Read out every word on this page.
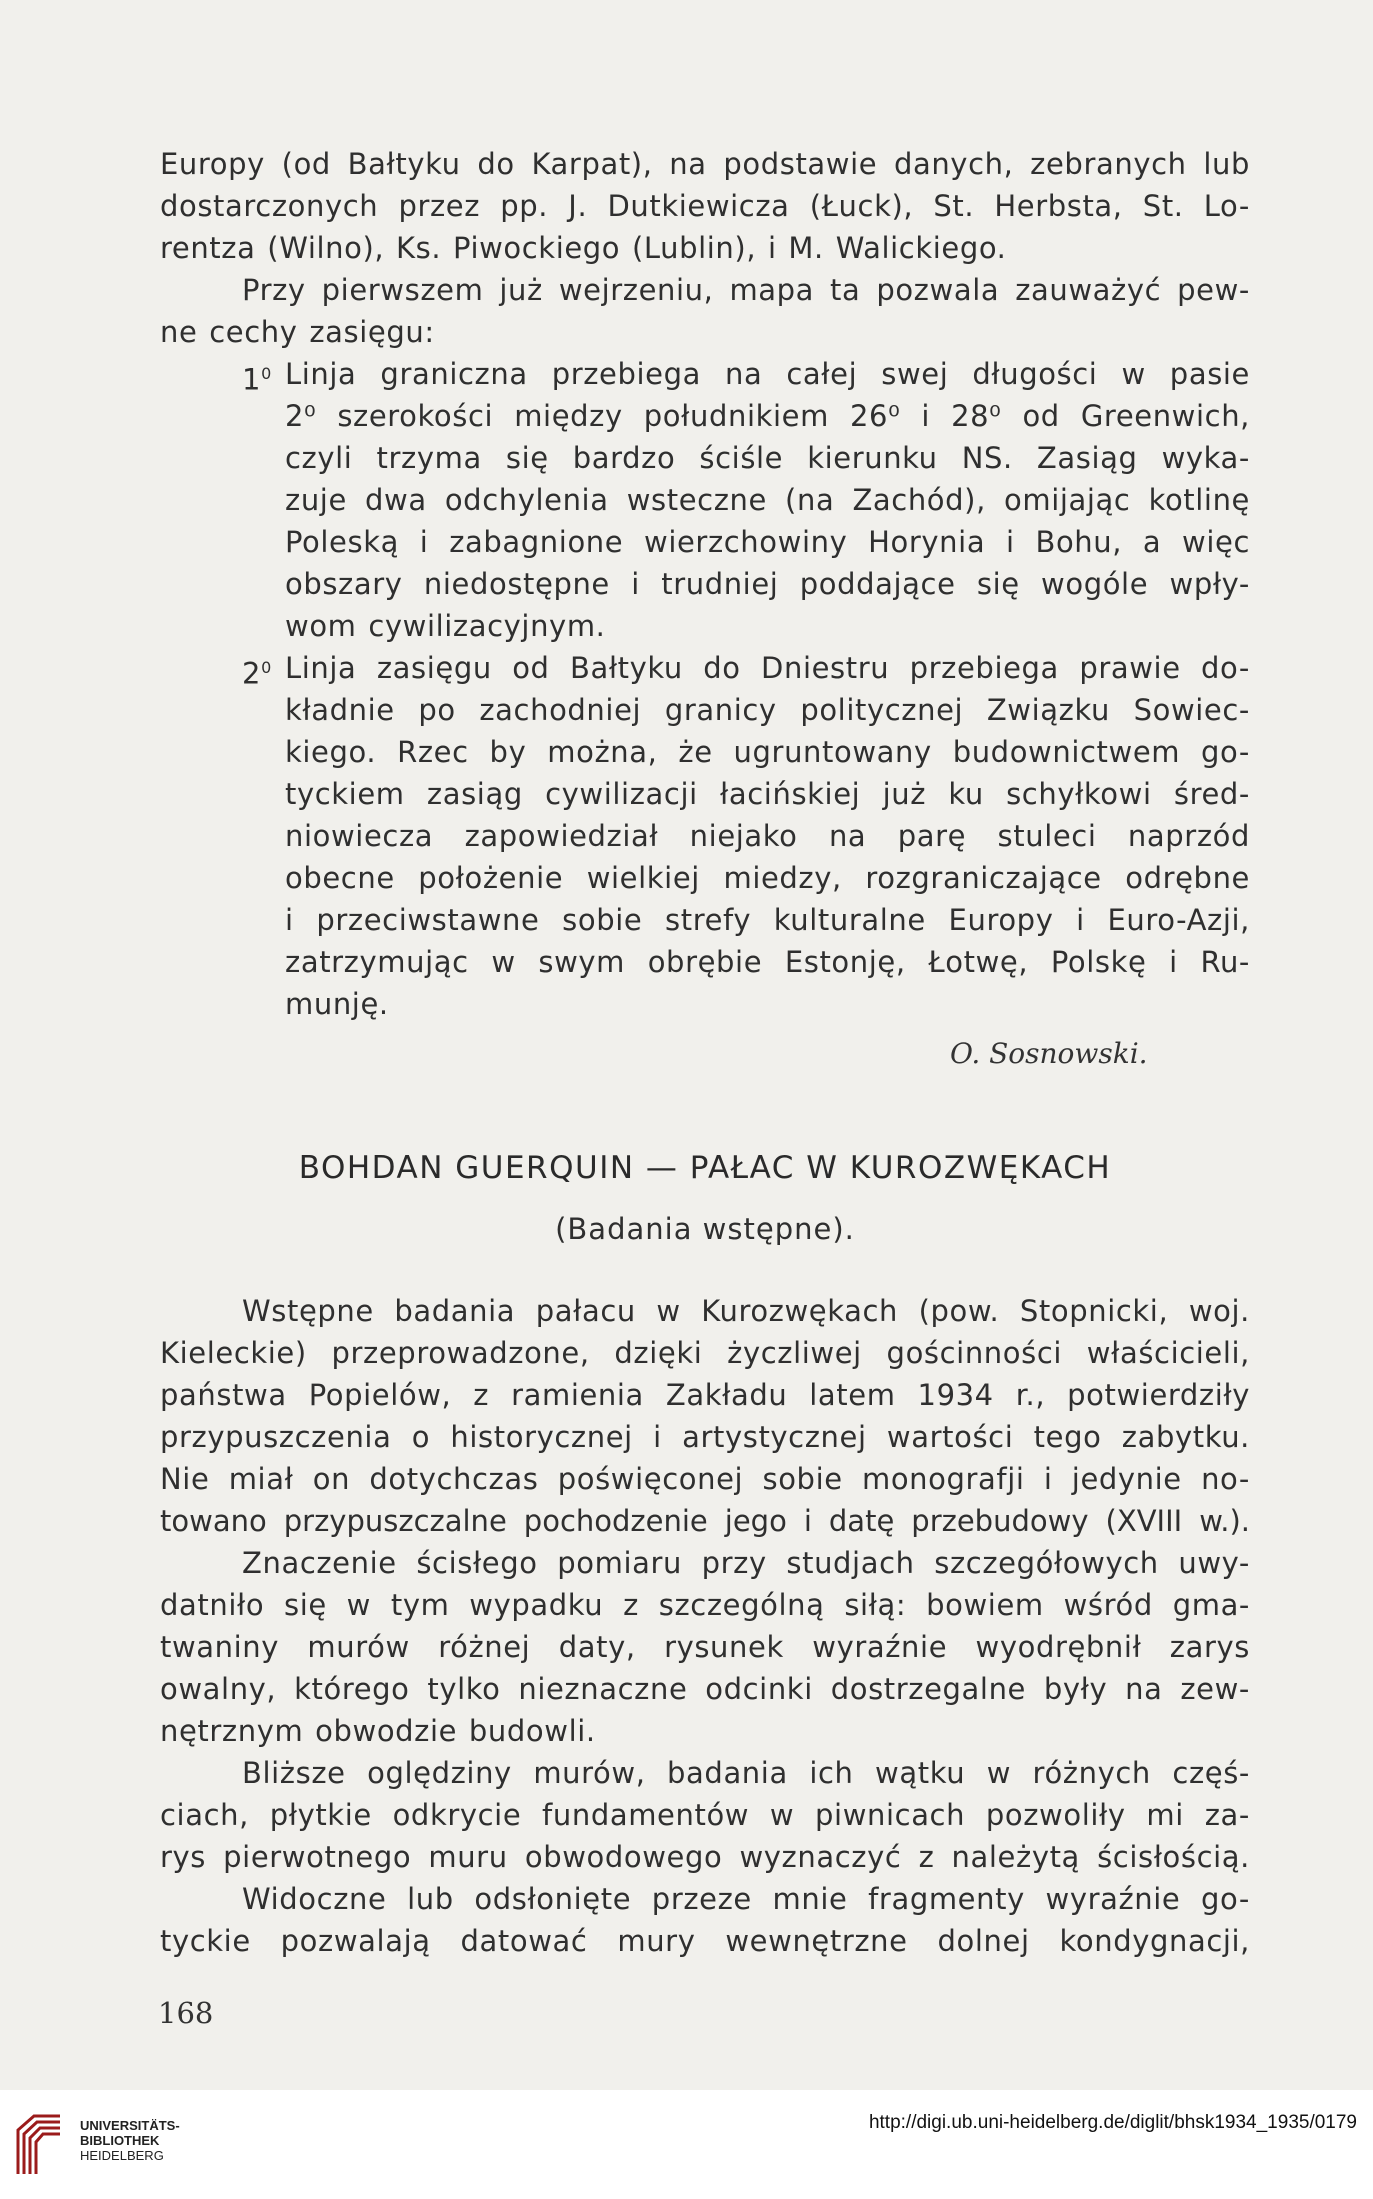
Europy (od Bałtyku do Karpat), na podstawie danych, zebranych lub
dostarczonych przez pp. J. Dutkiewicza (Łuck), St. Herbsta, St. Lo-
rentza (Wilno), Ks. Piwockiego (Lublin), i M. Walickiego.
Przy pierwszem już wejrzeniu, mapa ta pozwala zauważyć pew-
ne cechy zasięgu:
$1^0$ Linja graniczna przebiega na całej swej długości w pasie
2⁰ szerokości między południkiem 26⁰ i 28⁰ od Greenwich,
czyli trzyma się bardzo ściśle kierunku NS. Zasiąg wyka-
zuje dwa odchylenia wsteczne (na Zachód), omijając kotlinę
Poleską i zabagnione wierzchowiny Horynia i Bohu, a więc
obszary niedostępne i trudniej poddające się wogóle wpły-
wom cywilizacyjnym.
$2^0$ Linja zasięgu od Bałtyku do Dniestru przebiega prawie do-
kładnie po zachodniej granicy politycznej Związku Sowiec-
kiego. Rzec by można, że ugruntowany budownictwem go-
tyckiem zasiąg cywilizacji łacińskiej już ku schyłkowi śred-
niowiecza zapowiedział niejako na parę stuleci naprzód
obecne położenie wielkiej miedzy, rozgraniczające odrębne
i przeciwstawne sobie strefy kulturalne Europy i Euro-Azji,
zatrzymując w swym obrębie Estonję, Łotwę, Polskę i Ru-
munję.
O. Sosnowski.
BOHDAN GUERQUIN — PAŁAC W KUROZWĘKACH
(Badania wstępne).
Wstępne badania pałacu w Kurozwękach (pow. Stopnicki, woj.
Kieleckie) przeprowadzone, dzięki życzliwej gościnności właścicieli,
państwa Popielów, z ramienia Zakładu latem 1934 r., potwierdziły
przypuszczenia o historycznej i artystycznej wartości tego zabytku.
Nie miał on dotychczas poświęconej sobie monografji i jedynie no-
towano przypuszczalne pochodzenie jego i datę przebudowy (XVIII w.).
Znaczenie ścisłego pomiaru przy studjach szczegółowych uwy-
datniło się w tym wypadku z szczególną siłą: bowiem wśród gma-
twaniny murów różnej daty, rysunek wyraźnie wyodrębnił zarys
owalny, którego tylko nieznaczne odcinki dostrzegalne były na zew-
nętrznym obwodzie budowli.
Bliższe oględziny murów, badania ich wątku w różnych częś-
ciach, płytkie odkrycie fundamentów w piwnicach pozwoliły mi za-
rys pierwotnego muru obwodowego wyznaczyć z należytą ścisłością.
Widoczne lub odsłonięte przeze mnie fragmenty wyraźnie go-
tyckie pozwalają datować mury wewnętrzne dolnej kondygnacji,
168
UNIVERSITÄTS-
BIBLIOTHEK
HEIDELBERG
http://digi.ub.uni-heidelberg.de/diglit/bhsk1934_1935/0179
